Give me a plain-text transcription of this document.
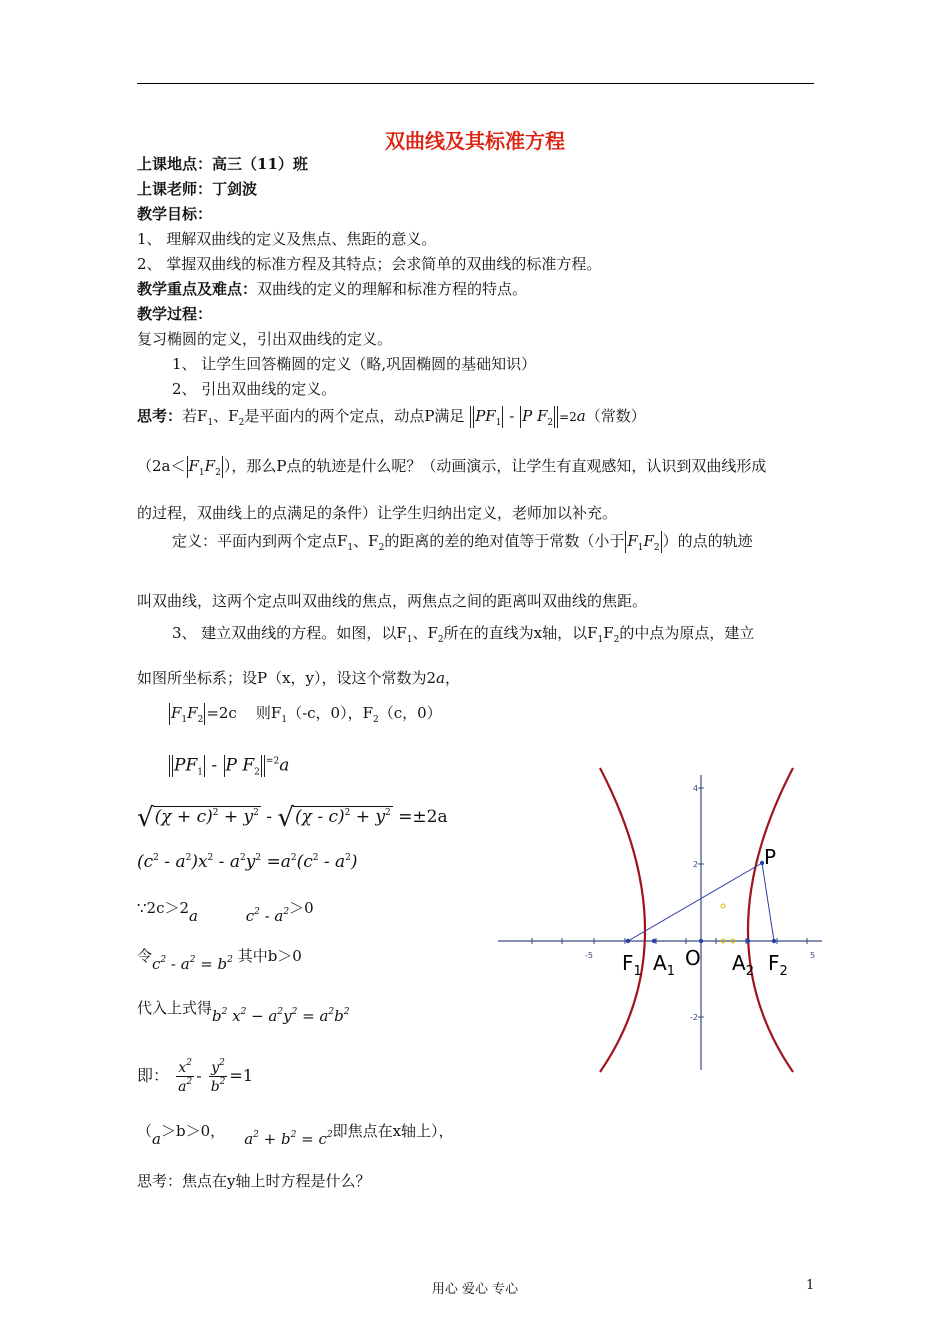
双曲线及其标准方程
上课地点：高三（11）班
上课老师：丁剑波
教学目标：
1、 理解双曲线的定义及焦点、焦距的意义。
2、 掌握双曲线的标准方程及其特点；会求简单的双曲线的标准方程。
教学重点及难点：双曲线的定义的理解和标准方程的特点。
教学过程：
复习椭圆的定义，引出双曲线的定义。
1、 让学生回答椭圆的定义（略,巩固椭圆的基础知识）
2、 引出双曲线的定义。
思考：若$F_1$、$F_2$是平面内的两个定点，动点P满足 $PF_1$ - P $F_2 =2a$（常数）
（$2a< F_1F_2$ ），那么P点的轨迹是什么呢？（动画演示，让学生有直观感知，认识到双曲线形成
的过程，双曲线上的点满足的条件）让学生归纳出定义，老师加以补充。
定义：平面内到两个定点$F_1$、$F_2$的距离的差的绝对值等于常数（小于 $F_1F_2$ ）的点的轨迹
叫双曲线，这两个定点叫双曲线的焦点，两焦点之间的距离叫双曲线的焦距。
3、 建立双曲线的方程。如图，以$F_1$、$F_2$所在的直线为x轴，以$F_1F_2$的中点为原点，建立
如图所坐标系；设P（x，y），设这个常数为2a，
$F_1F_2 =2c$ 则$F_1(-c$，0），$F_2(c$，0）
$PF_1$ - P $F_2^{=2}a$
$√(\chi + c)^2 + y^2 - √(\chi - c)^2 + y^2 =\pm 2a$
$(c^2 - a^2)x^2 - a^2y^2 =a^2(c^2 - a^2)$
∵2c＞2a	$c^2 - a^2>0$
令$c^2 - a^2 = b^2$ 其中b＞0
代入上式得$b^2$ $x^2 - a^2y^2 = a^2b^2$
即： $\frac{x^2}{a^2} - \frac{y^2}{b^2} =1$
（a＞b＞0， $a^2 + b^2 = c^2$即焦点在x轴上），
思考：焦点在y轴上时方程是什么？
-5	5
4
2
-2
$F_1$ $A_1$
O $A_2$ $F_2$
P
用心 爱心 专心	1
